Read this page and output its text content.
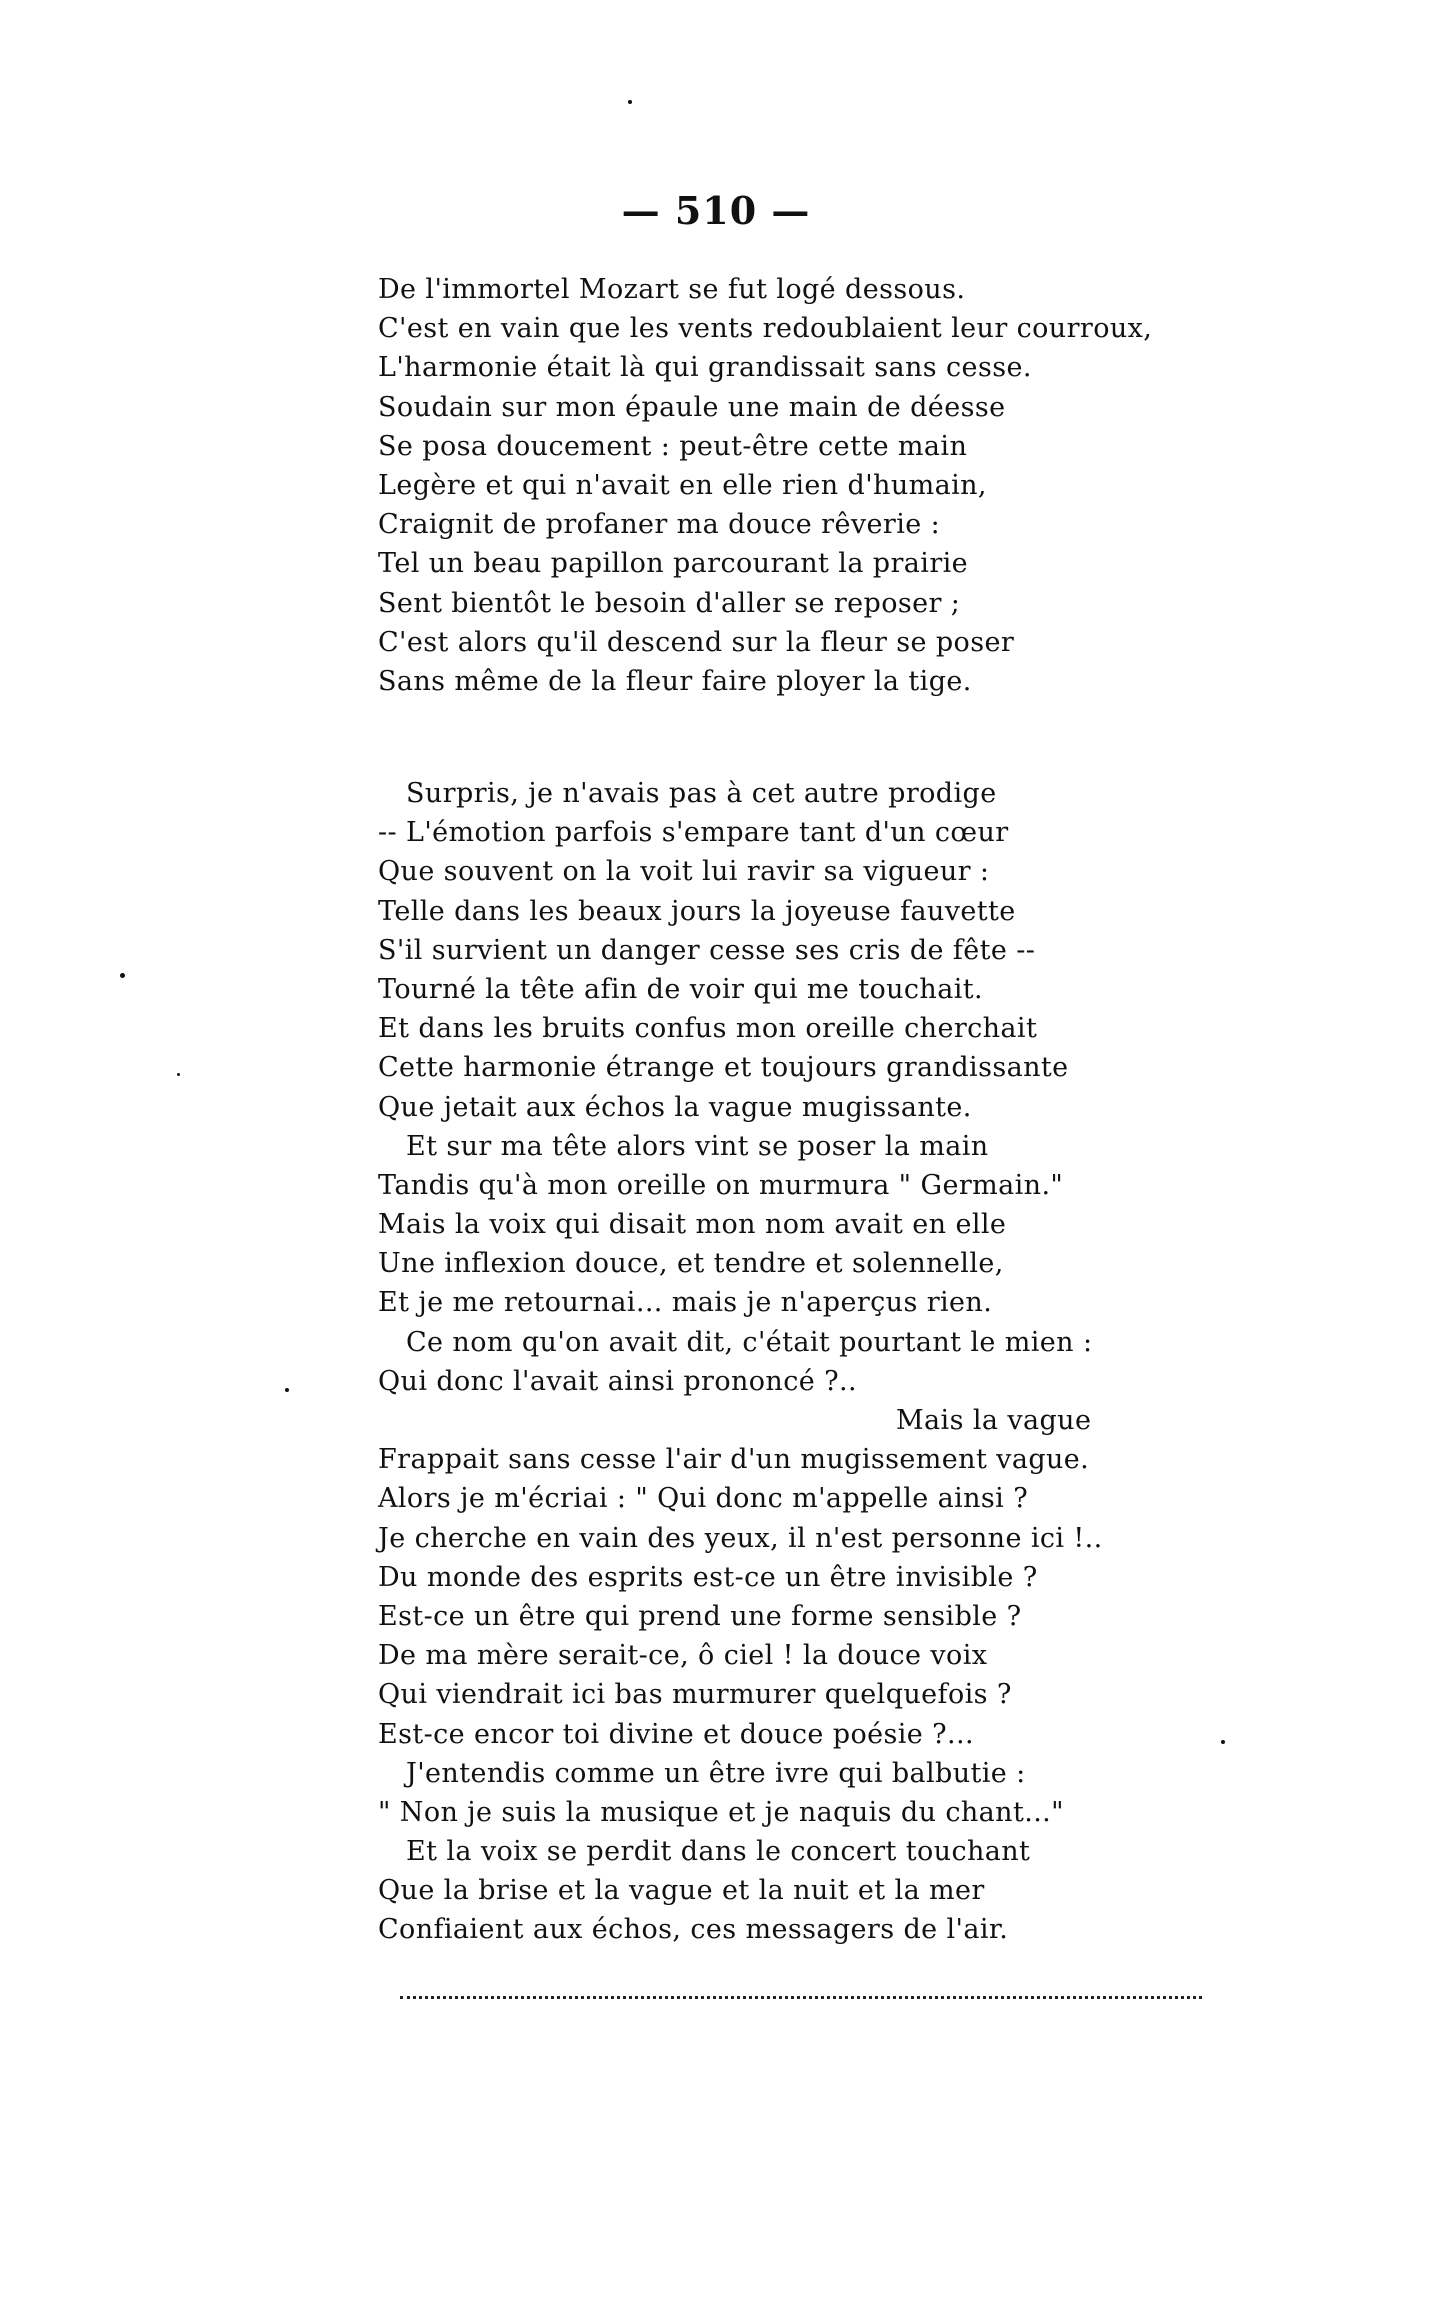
— 510 —
De l'immortel Mozart se fut logé dessous.
C'est en vain que les vents redoublaient leur courroux,
L'harmonie était là qui grandissait sans cesse.
Soudain sur mon épaule une main de déesse
Se posa doucement : peut-être cette main
Legère et qui n'avait en elle rien d'humain,
Craignit de profaner ma douce rêverie :
Tel un beau papillon parcourant la prairie
Sent bientôt le besoin d'aller se reposer ;
C'est alors qu'il descend sur la fleur se poser
Sans même de la fleur faire ployer la tige.
Surpris, je n'avais pas à cet autre prodige
-- L'émotion parfois s'empare tant d'un cœur
Que souvent on la voit lui ravir sa vigueur :
Telle dans les beaux jours la joyeuse fauvette
S'il survient un danger cesse ses cris de fête --
Tourné la tête afin de voir qui me touchait.
Et dans les bruits confus mon oreille cherchait
Cette harmonie étrange et toujours grandissante
Que jetait aux échos la vague mugissante.
Et sur ma tête alors vint se poser la main
Tandis qu'à mon oreille on murmura " Germain."
Mais la voix qui disait mon nom avait en elle
Une inflexion douce, et tendre et solennelle,
Et je me retournai... mais je n'aperçus rien.
Ce nom qu'on avait dit, c'était pourtant le mien :
Qui donc l'avait ainsi prononcé ?..
Mais la vague
Frappait sans cesse l'air d'un mugissement vague.
Alors je m'écriai : " Qui donc m'appelle ainsi ?
Je cherche en vain des yeux, il n'est personne ici !..
Du monde des esprits est-ce un être invisible ?
Est-ce un être qui prend une forme sensible ?
De ma mère serait-ce, ô ciel ! la douce voix
Qui viendrait ici bas murmurer quelquefois ?
Est-ce encor toi divine et douce poésie ?...
J'entendis comme un être ivre qui balbutie :
" Non je suis la musique et je naquis du chant..."
Et la voix se perdit dans le concert touchant
Que la brise et la vague et la nuit et la mer
Confiaient aux échos, ces messagers de l'air.
